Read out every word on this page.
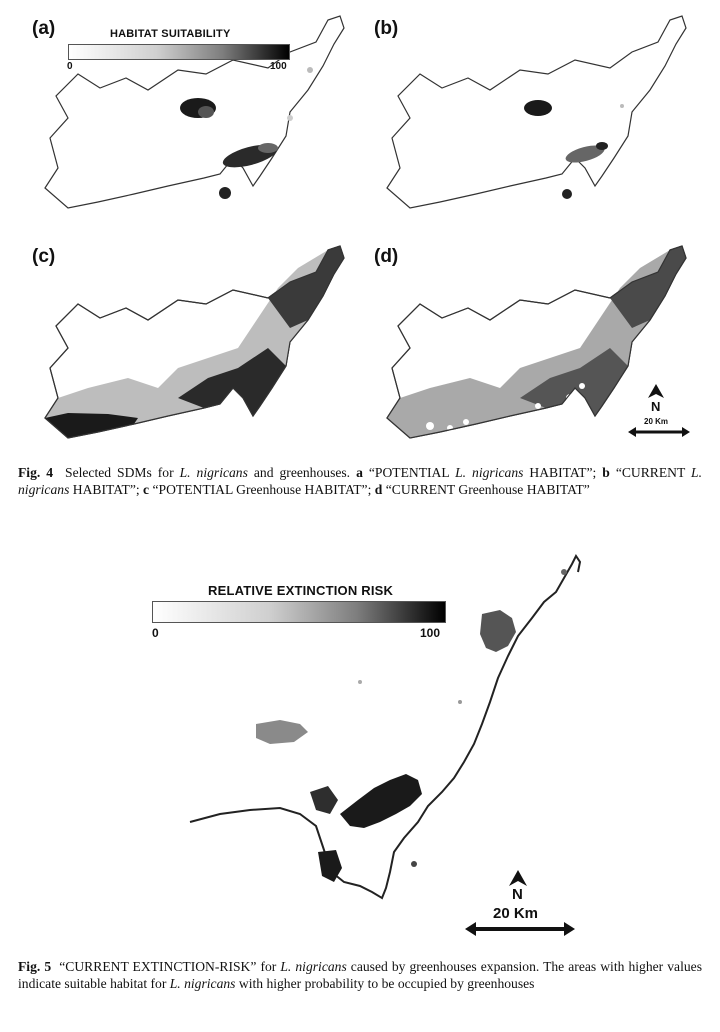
(a)	HABITAT SUITABILITY
0	100
(b)
(c)	(d)
N
20 Km
Fig. 4 Selected SDMs for L. nigricans and greenhouses. a “POTENTIAL L. nigricans HABITAT”; b “CURRENT L. nigricans HABITAT”; c “POTENTIAL Greenhouse HABITAT”; d “CURRENT Greenhouse HABITAT”
RELATIVE EXTINCTION RISK
0	100
N
20 Km
Fig. 5 “CURRENT EXTINCTION-RISK” for L. nigricans caused by greenhouses expansion. The areas with higher values indicate suitable habitat for L. nigricans with higher probability to be occupied by greenhouses
